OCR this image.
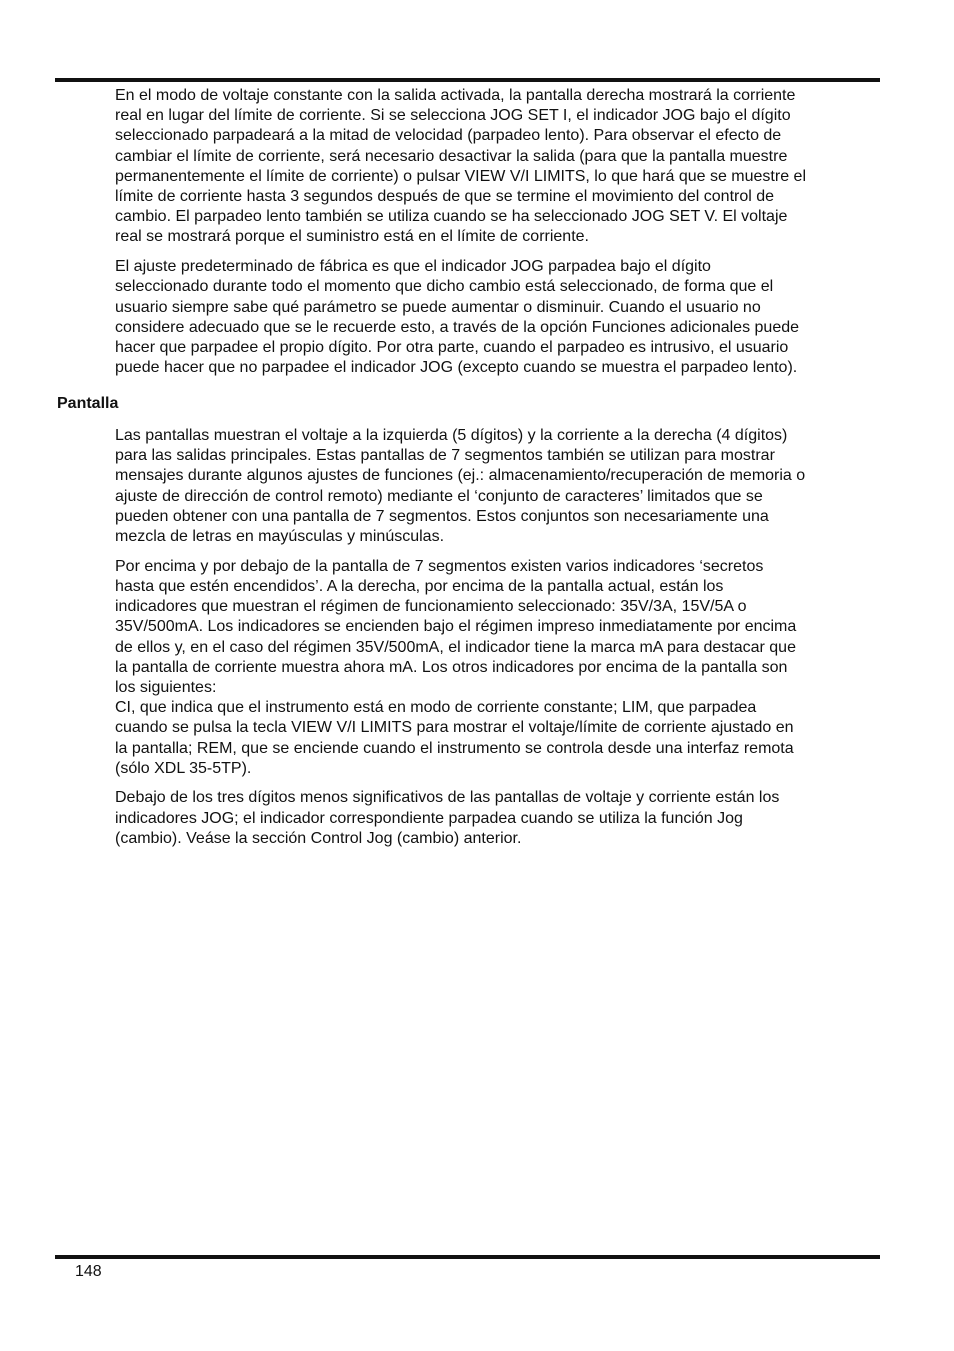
En el modo de voltaje constante con la salida activada, la pantalla derecha mostrará la corriente
real en lugar del límite de corriente. Si se selecciona JOG SET I, el indicador JOG bajo el dígito
seleccionado parpadeará a la mitad de velocidad (parpadeo lento). Para observar el efecto de
cambiar el límite de corriente, será necesario desactivar la salida (para que la pantalla muestre
permanentemente el límite de corriente) o pulsar VIEW V/I LIMITS, lo que hará que se muestre el
límite de corriente hasta 3 segundos después de que se termine el movimiento del control de
cambio. El parpadeo lento también se utiliza cuando se ha seleccionado JOG SET V. El voltaje
real se mostrará porque el suministro está en el límite de corriente.

El ajuste predeterminado de fábrica es que el indicador JOG parpadea bajo el dígito
seleccionado durante todo el momento que dicho cambio está seleccionado, de forma que el
usuario siempre sabe qué parámetro se puede aumentar o disminuir. Cuando el usuario no
considere adecuado que se le recuerde esto, a través de la opción Funciones adicionales puede
hacer que parpadee el propio dígito. Por otra parte, cuando el parpadeo es intrusivo, el usuario
puede hacer que no parpadee el indicador JOG (excepto cuando se muestra el parpadeo lento).

Pantalla

Las pantallas muestran el voltaje a la izquierda (5 dígitos) y la corriente a la derecha (4 dígitos)
para las salidas principales. Estas pantallas de 7 segmentos también se utilizan para mostrar
mensajes durante algunos ajustes de funciones (ej.: almacenamiento/recuperación de memoria o
ajuste de dirección de control remoto) mediante el ‘conjunto de caracteres’ limitados que se
pueden obtener con una pantalla de 7 segmentos. Estos conjuntos son necesariamente una
mezcla de letras en mayúsculas y minúsculas.

Por encima y por debajo de la pantalla de 7 segmentos existen varios indicadores ‘secretos
hasta que estén encendidos’. A la derecha, por encima de la pantalla actual, están los
indicadores que muestran el régimen de funcionamiento seleccionado: 35V/3A, 15V/5A o
35V/500mA. Los indicadores se encienden bajo el régimen impreso inmediatamente por encima
de ellos y, en el caso del régimen 35V/500mA, el indicador tiene la marca mA para destacar que
la pantalla de corriente muestra ahora mA. Los otros indicadores por encima de la pantalla son
los siguientes:
CI, que indica que el instrumento está en modo de corriente constante; LIM, que parpadea
cuando se pulsa la tecla VIEW V/I LIMITS para mostrar el voltaje/límite de corriente ajustado en
la pantalla; REM, que se enciende cuando el instrumento se controla desde una interfaz remota
(sólo XDL 35-5TP).

Debajo de los tres dígitos menos significativos de las pantallas de voltaje y corriente están los
indicadores JOG; el indicador correspondiente parpadea cuando se utiliza la función Jog
(cambio). Veáse la sección Control Jog (cambio) anterior.

148
